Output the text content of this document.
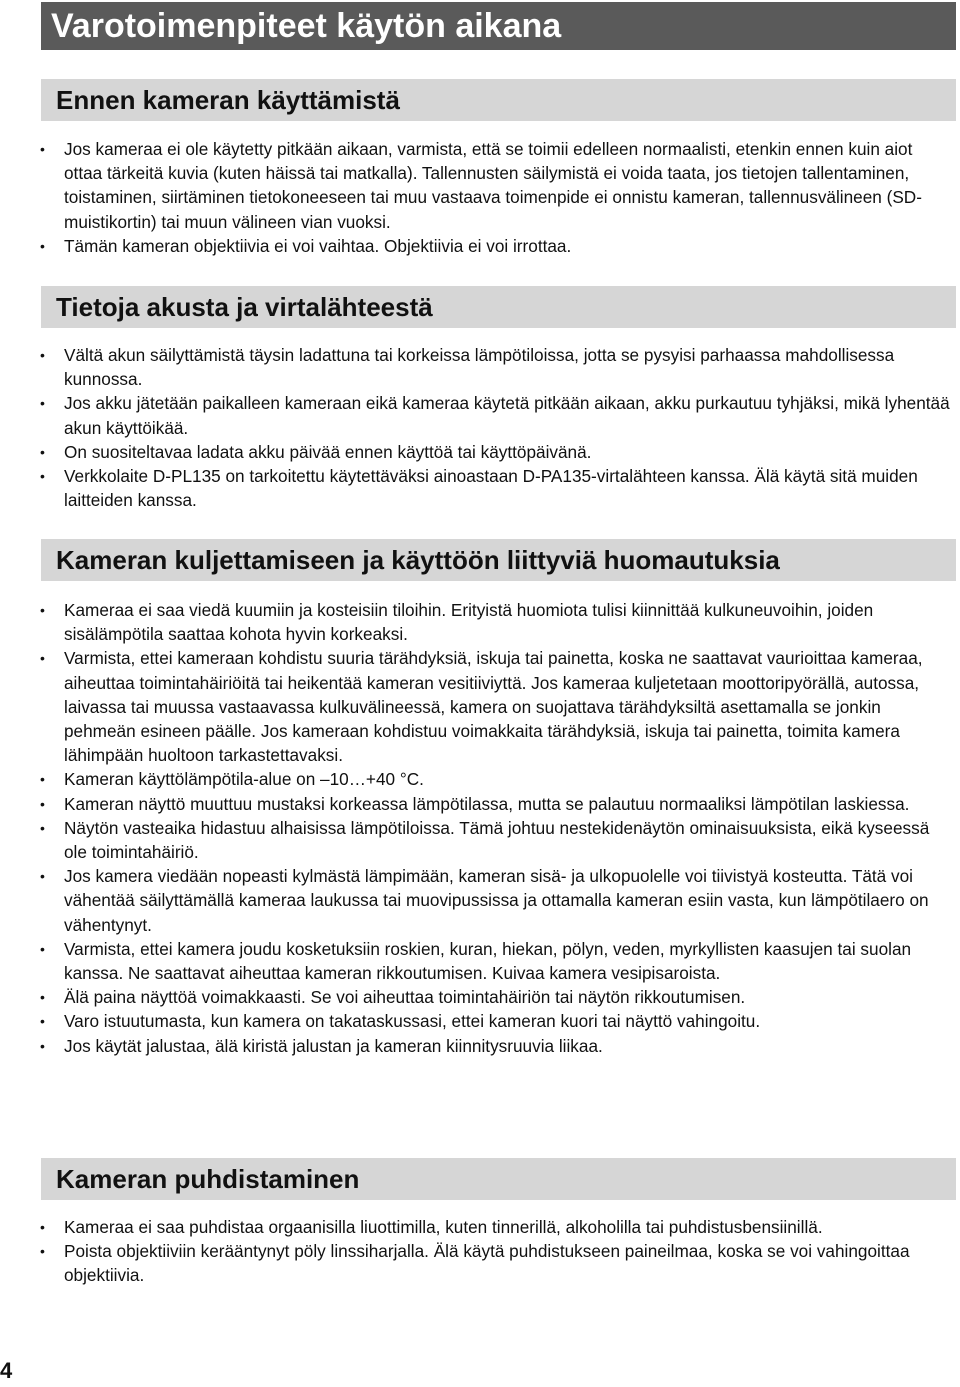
Varotoimenpiteet käytön aikana
Ennen kameran käyttämistä
• Jos kameraa ei ole käytetty pitkään aikaan, varmista, että se toimii edelleen normaalisti, etenkin ennen kuin aiot ottaa tärkeitä kuvia (kuten häissä tai matkalla). Tallennusten säilymistä ei voida taata, jos tietojen tallentaminen, toistaminen, siirtäminen tietokoneeseen tai muu vastaava toimenpide ei onnistu kameran, tallennusvälineen (SD-muistikortin) tai muun välineen vian vuoksi.
• Tämän kameran objektiivia ei voi vaihtaa. Objektiivia ei voi irrottaa.
Tietoja akusta ja virtalähteestä
• Vältä akun säilyttämistä täysin ladattuna tai korkeissa lämpötiloissa, jotta se pysyisi parhaassa mahdollisessa kunnossa.
• Jos akku jätetään paikalleen kameraan eikä kameraa käytetä pitkään aikaan, akku purkautuu tyhjäksi, mikä lyhentää akun käyttöikää.
• On suositeltavaa ladata akku päivää ennen käyttöä tai käyttöpäivänä.
• Verkkolaite D-PL135 on tarkoitettu käytettäväksi ainoastaan D-PA135-virtalähteen kanssa. Älä käytä sitä muiden laitteiden kanssa.
Kameran kuljettamiseen ja käyttöön liittyviä huomautuksia
• Kameraa ei saa viedä kuumiin ja kosteisiin tiloihin. Erityistä huomiota tulisi kiinnittää kulkuneuvoihin, joiden sisälämpötila saattaa kohota hyvin korkeaksi.
• Varmista, ettei kameraan kohdistu suuria tärähdyksiä, iskuja tai painetta, koska ne saattavat vaurioittaa kameraa, aiheuttaa toimintahäiriöitä tai heikentää kameran vesitiiviyttä. Jos kameraa kuljetetaan moottoripyörällä, autossa, laivassa tai muussa vastaavassa kulkuvälineessä, kamera on suojattava tärähdyksiltä asettamalla se jonkin pehmeän esineen päälle. Jos kameraan kohdistuu voimakkaita tärähdyksiä, iskuja tai painetta, toimita kamera lähimpään huoltoon tarkastettavaksi.
• Kameran käyttölämpötila-alue on –10…+40 °C.
• Kameran näyttö muuttuu mustaksi korkeassa lämpötilassa, mutta se palautuu normaaliksi lämpötilan laskiessa.
• Näytön vasteaika hidastuu alhaisissa lämpötiloissa. Tämä johtuu nestekidenäytön ominaisuuksista, eikä kyseessä ole toimintahäiriö.
• Jos kamera viedään nopeasti kylmästä lämpimään, kameran sisä- ja ulkopuolelle voi tiivistyä kosteutta. Tätä voi vähentää säilyttämällä kameraa laukussa tai muovipussissa ja ottamalla kameran esiin vasta, kun lämpötilaero on vähentynyt.
• Varmista, ettei kamera joudu kosketuksiin roskien, kuran, hiekan, pölyn, veden, myrkyllisten kaasujen tai suolan kanssa. Ne saattavat aiheuttaa kameran rikkoutumisen. Kuivaa kamera vesipisaroista.
• Älä paina näyttöä voimakkaasti. Se voi aiheuttaa toimintahäiriön tai näytön rikkoutumisen.
• Varo istuutumasta, kun kamera on takataskussasi, ettei kameran kuori tai näyttö vahingoitu.
• Jos käytät jalustaa, älä kiristä jalustan ja kameran kiinnitysruuvia liikaa.
Kameran puhdistaminen
• Kameraa ei saa puhdistaa orgaanisilla liuottimilla, kuten tinnerillä, alkoholilla tai puhdistusbensiinillä.
• Poista objektiiviin kerääntynyt pöly linssiharjalla. Älä käytä puhdistukseen paineilmaa, koska se voi vahingoittaa objektiivia.
4
